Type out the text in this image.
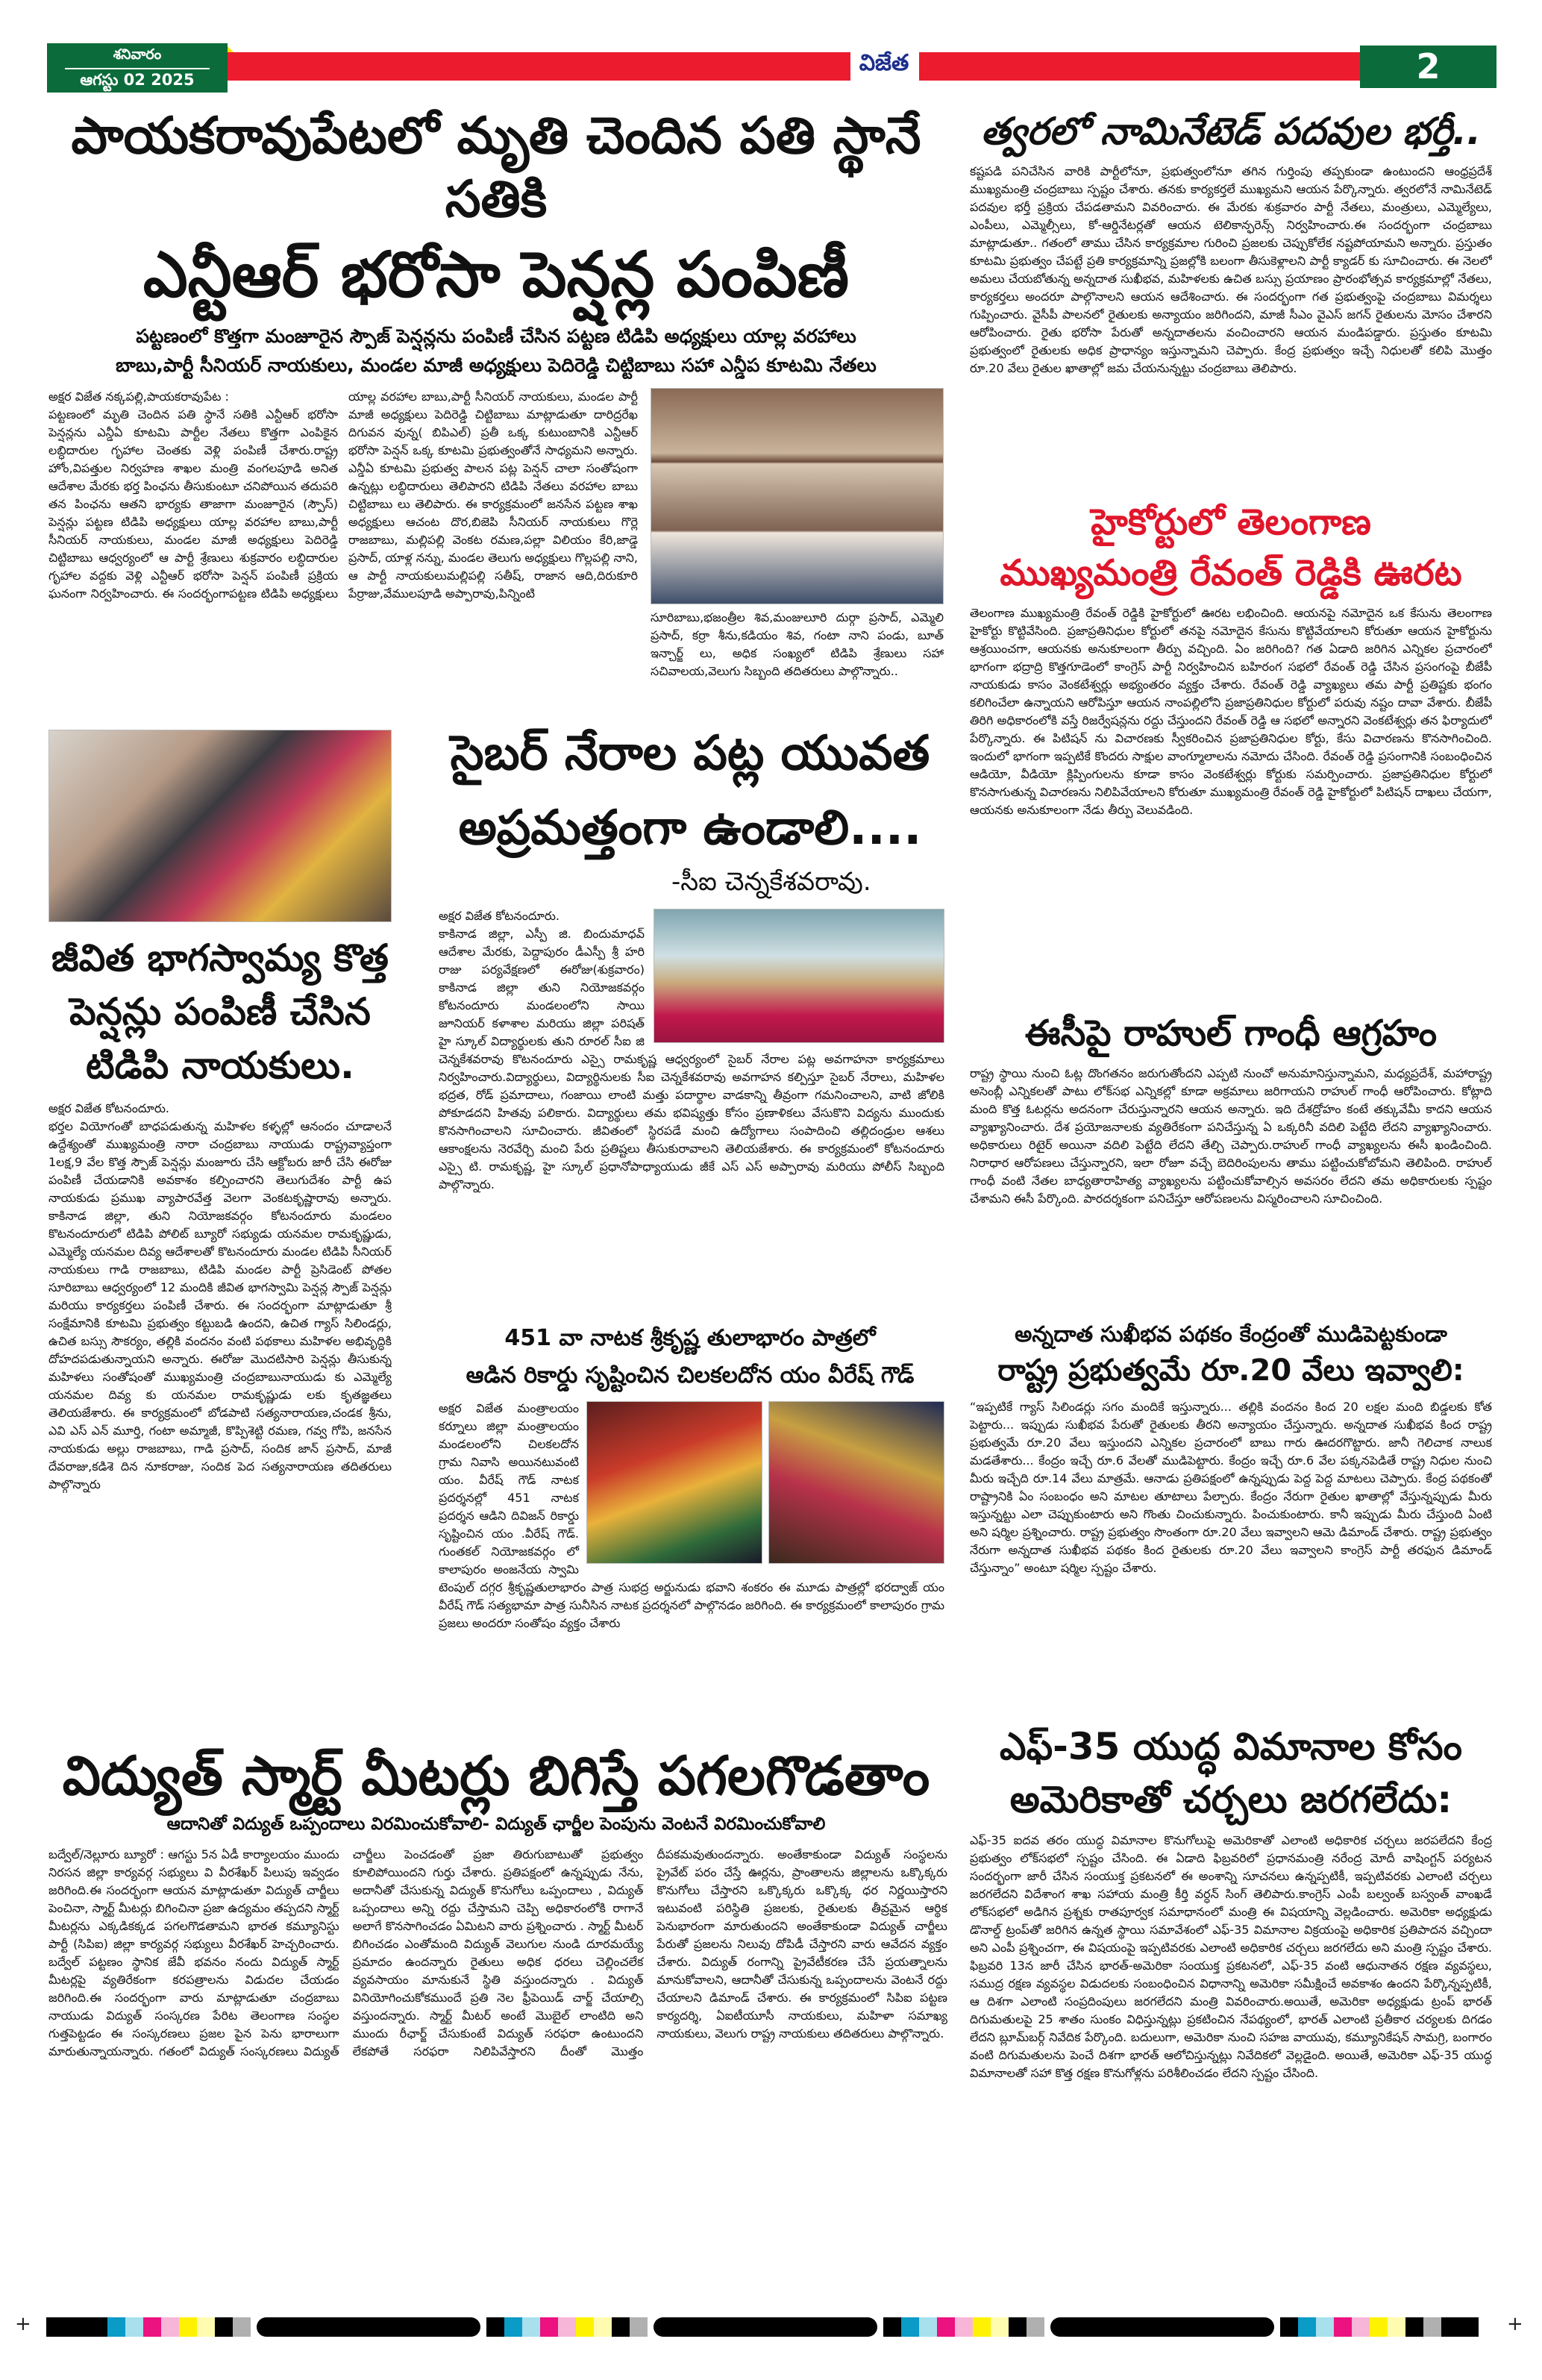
శనివారం
ఆగస్టు 02 2025
విజేత
	2
పాయకరావుపేటలో మృతి చెందిన పతి స్థానే సతికి
ఎన్టీఆర్ భరోసా పెన్షన్ల పంపిణీ
పట్టణంలో కొత్తగా మంజూరైన స్పౌజ్ పెన్షన్లను పంపిణీ చేసిన పట్టణ టిడిపి అధ్యక్షులు యాల్ల వరహాలు
బాబు,పార్టీ సీనియర్ నాయకులు, మండల మాజీ అధ్యక్షులు పెదిరెడ్డి చిట్టిబాబు సహా ఎన్డీప కూటమి నేతలు
అక్షర విజేత నక్కపల్లి,పాయకరావుపేట :
పట్టణంలో మృతి చెందిన పతి స్థానే సతికి ఎన్టీఆర్ భరోసా పెన్షన్లను ఎన్డీఏ కూటమి పార్టీల నేతలు కొత్తగా ఎంపికైన లబ్ధిదారుల గృహాల చెంతకు వెళ్లి పంపిణీ చేశారు.రాష్ట్ర హోం,విపత్తుల నిర్వహణ శాఖల మంత్రి వంగలపూడి అనిత ఆదేశాల మేరకు భర్త పింఛను తీసుకుంటూ చనిపోయిన తదుపరి తన పింఛను ఆతని భార్యకు తాజాగా మంజూరైన (స్పౌస్) పెన్షన్లు పట్టణ టిడిపి అధ్యక్షులు యాల్ల వరహాల బాబు,పార్టీ సీనియర్ నాయకులు, మండల మాజీ అధ్యక్షులు పెదిరెడ్డి చిట్టిబాబు ఆధ్వర్యంలో ఆ పార్టీ శ్రేణులు శుక్రవారం లబ్ధిదారుల గృహాల వద్దకు వెళ్లి ఎన్టీఆర్ భరోసా పెన్షన్ పంపిణీ ప్రక్రియ ఘనంగా నిర్వహించారు. ఈ సందర్భంగాపట్టణ టిడిపి అధ్యక్షులు యాల్ల వరహాల బాబు,పార్టీ సీనియర్ నాయకులు, మండల పార్టీ మాజీ అధ్యక్షులు పెదిరెడ్డి చిట్టిబాబు మాట్లాడుతూ దారిద్రరేఖ దిగువన వున్న( బిపిఎల్) ప్రతీ ఒక్క కుటుంబానికి ఎన్టీఆర్ భరోసా పెన్షన్ ఒక్క కూటమి ప్రభుత్వంతోనే సాధ్యమని అన్నారు. ఎన్డీఏ కూటమి ప్రభుత్వ పాలన పట్ల పెన్షన్ చాలా సంతోషంగా ఉన్నట్లు లబ్ధిదారులు తెలిపారని టిడిపి నేతలు వరహాల బాబు చిట్టిబాబు లు తెలిపారు. ఈ కార్యక్రమంలో జనసేన పట్టణ శాఖ అధ్యక్షులు ఆచంట దొర,బిజెపి సీనియర్ నాయకులు గొర్లె రాజబాబు, మల్లిపల్లి వెంకట రమణ,పల్లా విలియం కేరి,జాడ్డె ప్రసాద్, యాళ్ల నన్ను, మండల తెలుగు అధ్యక్షులు గొల్లపల్లి నాని, ఆ పార్టీ నాయకులుమల్లిపల్లి సతీష్, రాజాన ఆది,దిరుకూరి పేర్రాజు,వేములపూడి అప్పారావు,పిన్నింటి
సూరిబాబు,భజంత్రీల శివ,మంజులూరి దుర్గా ప్రసాద్, ఎమ్మెలి ప్రసాద్, కర్రా శీను,కడియం శివ, గంటా నాని పండు, బూత్ ఇన్చార్జ్ లు, అధిక సంఖ్యలో టిడిపి శ్రేణులు సహా సచివాలయ,వెలుగు సిబ్బంది తదితరులు పాల్గొన్నారు..
జీవిత భాగస్వామ్య కొత్త పెన్షన్లు పంపిణీ చేసిన టిడిపి నాయకులు.
అక్షర విజేత కోటనందూరు.
భర్తల వియోగంతో బాధపడుతున్న మహిళల కళ్ళల్లో ఆనందం చూడాలనే ఉద్దేశ్యంతో ముఖ్యమంత్రి నారా చంద్రబాబు నాయుడు రాష్ట్రవ్యాప్తంగా 1లక్ష,9 వేల కొత్త స్పౌజ్ పెన్షన్లు మంజూరు చేసి ఆక్టోబరు జారీ చేసి ఈరోజు పంపిణీ చేయడానికి అవకాశం కల్పించారని తెలుగుదేశం పార్టీ ఉప నాయకుడు ప్రముఖ వ్యాపారవేత్త వెలగా వెంకటకృష్ణారావు అన్నారు. కాకినాడ జిల్లా, తుని నియోజకవర్గం కోటనందూరు మండలం కొటనందూరులో టిడిపి పోలిట్ బ్యూరో సభ్యుడు యనమల రామకృష్ణుడు, ఎమ్మెల్యే యనమల దివ్య ఆదేశాలతో కొటనందూరు మండల టిడిపి సీనియర్ నాయకులు గాడి రాజబాబు, టిడిపి మండల పార్టీ ప్రెసిడెంట్ పోతల సూరిబాబు ఆధ్వర్యంలో 12 మందికి జీవిత భాగస్వామి పెన్షన్ల స్పౌజ్ పెన్షన్లు మరియు కార్యకర్తలు పంపిణీ చేశారు. ఈ సందర్భంగా మాట్లాడుతూ శ్రీ సంక్షేమానికి కూటమి ప్రభుత్వం కట్టుబడి ఉందని, ఉచిత గ్యాస్ సిలిండర్లు, ఉచిత బస్సు సౌకర్యం, తల్లికి వందనం వంటి పథకాలు మహిళల అభివృద్ధికి దోహదపడుతున్నాయని అన్నారు. ఈరోజు మొదటిసారి పెన్షన్లు తీసుకున్న మహిళలు సంతోషంతో ముఖ్యమంత్రి చంద్రబాబునాయుడు కు ఎమ్మెల్యే యనమల దివ్య కు యనమల రామకృష్ణుడు లకు కృతజ్ఞతలు తెలియజేశారు. ఈ కార్యక్రమంలో బోడపాటి సత్యనారాయణ,చండక శ్రీను, ఎవి ఎస్ ఎన్ మూర్తి, గంటా అమ్మాజీ, కొప్పిశెట్టి రమణ, గవ్వ గోపి, జనసేన నాయకుడు అల్లు రాజబాబు, గాడి ప్రసాద్, సందిక జాన్ ప్రసాద్, మాజీ దేవరాజు,కడిశె దిన నూకరాజు, సందిక పెద సత్యనారాయణ తదితరులు పాల్గొన్నారు
సైబర్ నేరాల పట్ల యువత అప్రమత్తంగా ఉండాలి....
-సీఐ చెన్నకేశవరావు.
అక్షర విజేత కోటనందూరు.
కాకినాడ జిల్లా, ఎస్పీ జి. బిందుమాధవ్ ఆదేశాల మేరకు, పెద్దాపురం డీఎస్పీ శ్రీ హరి రాజు పర్యవేక్షణలో ఈరోజు(శుక్రవారం) కాకినాడ జిల్లా తుని నియోజకవర్గం కోటనందూరు మండలంలోని సాయి జూనియర్ కళాశాల మరియు జిల్లా పరిషత్ హై స్కూల్ విద్యార్థులకు తుని రూరల్ సీఐ జి చెన్నకేశవరావు కొటనందూరు ఎస్సై రామకృష్ణ ఆధ్వర్యంలో సైబర్ నేరాల పట్ల అవగాహనా కార్యక్రమాలు నిర్వహించారు.విద్యార్థులు, విద్యార్థినులకు సీఐ చెన్నకేశవరావు అవగాహన కల్పిస్తూ సైబర్ నేరాలు, మహిళల భద్రత, రోడ్ ప్రమాదాలు, గంజాయి లాంటి మత్తు పదార్థాల వాడకాన్ని తీవ్రంగా గమనించాలని, వాటి జోలికి పోకూడదని హితవు పలికారు. విద్యార్థులు తమ భవిష్యత్తు కోసం ప్రణాళికలు వేసుకొని విద్యను ముందుకు కొనసాగించాలని సూచించారు. జీవితంలో స్థిరపడే మంచి ఉద్యోగాలు సంపాదించి తల్లిదండ్రుల ఆశలు ఆకాంక్షలను నెరవేర్చి మంచి పేరు ప్రతిష్టలు తీసుకురావాలని తెలియజేశారు. ఈ కార్యక్రమంలో కోటనందూరు ఎస్సై టి. రామకృష్ణ, హై స్కూల్ ప్రధానోపాధ్యాయుడు జీకే ఎస్ ఎస్ అప్పారావు మరియు పోలీస్ సిబ్బంది పాల్గొన్నారు.
451 వా నాటక శ్రీకృష్ణ తులాభారం పాత్రలో
ఆడిన రికార్డు సృష్టించిన చిలకలదోన యం వీరేష్ గౌడ్
అక్షర విజేత మంత్రాలయం కర్నూలు జిల్లా మంత్రాలయం మండలంలోని చిలకలదోన గ్రామ నివాసి అయినటువంటి యం. వీరేష్ గౌడ్ నాటక ప్రదర్శనల్లో 451 నాటక ప్రదర్శన ఆడిని దివిజన్ రికార్డు సృష్టించిన యం .వీరేష్ గౌడ్. గుంతకల్ నియోజకవర్గం లో కాలాపురం అంజనేయ స్వామి టెంపుల్ దగ్గర శ్రీకృష్ణతులాభారం పాత్ర సుభద్ర అర్జునుడు భవాని శంకరం ఈ మూడు పాత్రల్లో భరద్వాజ్ యం వీరేష్ గౌడ్ సత్యభామా పాత్ర సునీసిన నాటక ప్రదర్శనలో పాల్గొనడం జరిగింది. ఈ కార్యక్రమంలో కాలాపురం గ్రామ ప్రజలు అందరూ సంతోషం వ్యక్తం చేశారు
విద్యుత్ స్మార్ట్ మీటర్లు బిగిస్తే పగలగొడతాం
ఆదానితో విద్యుత్ ఒప్పందాలు విరమించుకోవాలి- విద్యుత్ ఛార్జీల పెంపును వెంటనే విరమించుకోవాలి
బద్వేల్/నెల్లూరు బ్యూరో : ఆగస్టు 5న ఏడీ కార్యాలయం ముందు నిరసన జిల్లా కార్యవర్గ సభ్యులు వి వీరశేఖర్ పిలుపు ఇవ్వడం జరిగింది.ఈ సందర్భంగా ఆయన మాట్లాడుతూ విద్యుత్ చార్జీలు పెంచినా, స్మార్ట్ మీటర్లు బిగించినా ప్రజా ఉద్యమం తప్పదని స్మార్ట్ మీటర్లను ఎక్కడికక్కడ పగలగొడతామని భారత కమ్యూనిస్టు పార్టీ (సిపిఐ) జిల్లా కార్యవర్గ సభ్యులు వీరశేఖర్ హెచ్చరించారు. బద్వేల్ పట్టణం స్థానిక జేవీ భవనం నందు విద్యుత్ స్మార్ట్ మీటర్లపై వ్యతిరేకంగా కరపత్రాలను విడుదల చేయడం జరిగింది.ఈ సందర్భంగా వారు మాట్లాడుతూ చంద్రబాబు నాయుడు విద్యుత్ సంస్కరణ పేరిట తెలంగాణ సంస్థల గుత్తపెట్టడం ఈ సంస్కరణలు ప్రజల పైన పెను భారాలుగా మారుతున్నాయన్నారు. గతంలో విద్యుత్ సంస్కరణలు విద్యుత్ చార్జీలు పెంచడంతో ప్రజా తిరుగుబాటుతో ప్రభుత్వం కూలిపోయిందని గుర్తు చేశారు. ప్రతిపక్షంలో ఉన్నప్పుడు నేను, అదానీతో చేసుకున్న విద్యుత్ కొనుగోలు ఒప్పందాలు , విద్యుత్ ఒప్పందాలు అన్ని రద్దు చేస్తామని చెప్పి అధికారంలోకి రాగానే అలాగే కొనసాగించడం ఏమిటని వారు ప్రశ్నించారు . స్మార్ట్ మీటర్ బిగించడం ఎంతోమంది విద్యుత్ వెలుగుల నుండి దూరమయ్యే ప్రమాదం ఉందన్నారు రైతులు అధిక ధరలు చెల్లించలేక వ్యవసాయం మానుకునే స్థితి వస్తుందన్నారు . విద్యుత్ వినియోగించుకోకముందే ప్రతి నెల ఫ్రీపెయిడ్ చార్జ్ చేయాల్సి వస్తుందన్నారు. స్మార్ట్ మీటర్ అంటే మొబైల్ లాంటిది అని ముందు రీఛార్జ్ చేసుకుంటే విద్యుత్ సరఫరా ఉంటుందని లేకపోతే సరఫరా నిలిపివేస్తారని దీంతో మొత్తం దీపకమవుతుందన్నారు. అంతేకాకుండా విద్యుత్ సంస్థలను ప్రైవేట్ పరం చేస్తే ఊర్లను, ప్రాంతాలను జిల్లాలను ఒక్కొక్కరు కొనుగోలు చేస్తారని ఒక్కొక్కరు ఒక్కొక్క ధర నిర్ణయిస్తారని ఇటువంటి పరిస్థితి ప్రజలకు, రైతులకు తీవ్రమైన ఆర్థిక పెనుభారంగా మారుతుందని అంతేకాకుండా విద్యుత్ చార్జీలు పేరుతో ప్రజలను నిలువు దోపిడీ చేస్తారని వారు ఆవేదన వ్యక్తం చేశారు. విద్యుత్ రంగాన్ని ప్రైవేటీకరణ చేసే ప్రయత్నాలను మానుకోవాలని, ఆదానీతో చేసుకున్న ఒప్పందాలను వెంటనే రద్దు చేయాలని డిమాండ్ చేశారు. ఈ కార్యక్రమంలో సిపిఐ పట్టణ కార్యదర్శి, ఏఐటీయూసీ నాయకులు, మహిళా సమాఖ్య నాయకులు, వెలుగు రాష్ట్ర నాయకులు తదితరులు పాల్గొన్నారు.
త్వరలో నామినేటెడ్ పదవుల భర్తీ..
కష్టపడి పనిచేసిన వారికి పార్టీలోనూ, ప్రభుత్వంలోనూ తగిన గుర్తింపు తప్పకుండా ఉంటుందని ఆంధ్రప్రదేశ్ ముఖ్యమంత్రి చంద్రబాబు స్పష్టం చేశారు. తనకు కార్యకర్తలే ముఖ్యమని ఆయన పేర్కొన్నారు. త్వరలోనే నామినేటెడ్ పదవుల భర్తీ ప్రక్రియ చేపడతామని వివరించారు. ఈ మేరకు శుక్రవారం పార్టీ నేతలు, మంత్రులు, ఎమ్మెల్యేలు, ఎంపీలు, ఎమ్మెల్సీలు, కో-ఆర్డినేటర్లతో ఆయన టెలికాన్ఫరెన్స్ నిర్వహించారు.ఈ సందర్భంగా చంద్రబాబు మాట్లాడుతూ.. గతంలో తాము చేసిన కార్యక్రమాల గురించి ప్రజలకు చెప్పుకోలేక నష్టపోయామని అన్నారు. ప్రస్తుతం కూటమి ప్రభుత్వం చేపట్టే ప్రతి కార్యక్రమాన్ని ప్రజల్లోకి బలంగా తీసుకెళ్లాలని పార్టీ క్యాడర్ కు సూచించారు. ఈ నెలలో అమలు చేయబోతున్న అన్నదాత సుఖీభవ, మహిళలకు ఉచిత బస్సు ప్రయాణం ప్రారంభోత్సవ కార్యక్రమాల్లో నేతలు, కార్యకర్తలు అందరూ పాల్గొనాలని ఆయన ఆదేశించారు. ఈ సందర్భంగా గత ప్రభుత్వంపై చంద్రబాబు విమర్శలు గుప్పించారు. వైసీపీ పాలనలో రైతులకు అన్యాయం జరిగిందని, మాజీ సీఎం వైఎస్ జగన్ రైతులను మోసం చేశారని ఆరోపించారు. రైతు భరోసా పేరుతో అన్నదాతలను వంచించారని ఆయన మండిపడ్డారు. ప్రస్తుతం కూటమి ప్రభుత్వంలో రైతులకు అధిక ప్రాధాన్యం ఇస్తున్నామని చెప్పారు. కేంద్ర ప్రభుత్వం ఇచ్చే నిధులతో కలిపి మొత్తం రూ.20 వేలు రైతుల ఖాతాల్లో జమ చేయనున్నట్టు చంద్రబాబు తెలిపారు.
హైకోర్టులో తెలంగాణ
ముఖ్యమంత్రి రేవంత్ రెడ్డికి ఊరట
తెలంగాణ ముఖ్యమంత్రి రేవంత్ రెడ్డికి హైకోర్టులో ఊరట లభించింది. ఆయనపై నమోదైన ఒక కేసును తెలంగాణ హైకోర్టు కొట్టివేసింది. ప్రజాప్రతినిధుల కోర్టులో తనపై నమోదైన కేసును కొట్టివేయాలని కోరుతూ ఆయన హైకోర్టును ఆశ్రయించగా, ఆయనకు అనుకూలంగా తీర్పు వచ్చింది. ఏం జరిగింది? గత ఏడాది జరిగిన ఎన్నికల ప్రచారంలో భాగంగా భద్రాద్రి కొత్తగూడెంలో కాంగ్రెస్ పార్టీ నిర్వహించిన బహిరంగ సభలో రేవంత్ రెడ్డి చేసిన ప్రసంగంపై బీజేపీ నాయకుడు కాసం వెంకటేశ్వర్లు అభ్యంతరం వ్యక్తం చేశారు. రేవంత్ రెడ్డి వ్యాఖ్యలు తమ పార్టీ ప్రతిష్టకు భంగం కలిగించేలా ఉన్నాయని ఆరోపిస్తూ ఆయన నాంపల్లిలోని ప్రజాప్రతినిధుల కోర్టులో పరువు నష్టం దావా వేశారు. బీజేపీ తిరిగి అధికారంలోకి వస్తే రిజర్వేషన్లను రద్దు చేస్తుందని రేవంత్ రెడ్డి ఆ సభలో అన్నారని వెంకటేశ్వర్లు తన ఫిర్యాదులో పేర్కొన్నారు. ఈ పిటిషన్ ను విచారణకు స్వీకరించిన ప్రజాప్రతినిధుల కోర్టు, కేసు విచారణను కొనసాగించింది. ఇందులో భాగంగా ఇప్పటికే కొందరు సాక్షుల వాంగ్మూలాలను నమోదు చేసింది. రేవంత్ రెడ్డి ప్రసంగానికి సంబంధించిన ఆడియో, వీడియో క్లిప్పింగులను కూడా కాసం వెంకటేశ్వర్లు కోర్టుకు సమర్పించారు. ప్రజాప్రతినిధుల కోర్టులో కొనసాగుతున్న విచారణను నిలిపివేయాలని కోరుతూ ముఖ్యమంత్రి రేవంత్ రెడ్డి హైకోర్టులో పిటిషన్ దాఖలు చేయగా, ఆయనకు అనుకూలంగా నేడు తీర్పు వెలువడింది.
ఈసీపై రాహుల్ గాంధీ ఆగ్రహం
రాష్ట్ర స్థాయి నుంచి ఓట్ల దొంగతనం జరుగుతోందని ఎప్పటి నుంచో అనుమానిస్తున్నామని, మధ్యప్రదేశ్, మహారాష్ట్ర అసెంబ్లీ ఎన్నికలతో పాటు లోక్‌సభ ఎన్నికల్లో కూడా అక్రమాలు జరిగాయని రాహుల్ గాంధీ ఆరోపించారు. కోట్లాది మంది కొత్త ఓటర్లను అదనంగా చేరుస్తున్నారని ఆయన అన్నారు. ఇది దేశద్రోహం కంటే తక్కువేమీ కాదని ఆయన వ్యాఖ్యానించారు. దేశ ప్రయోజనాలకు వ్యతిరేకంగా పనిచేస్తున్న ఏ ఒక్కరినీ వదిలి పెట్టేది లేదని వ్యాఖ్యానించారు. అధికారులు రిటైర్ అయినా వదిలి పెట్టేది లేదని తేల్చి చెప్పారు.రాహుల్ గాంధీ వ్యాఖ్యలను ఈసీ ఖండించింది. నిరాధార ఆరోపణలు చేస్తున్నారని, ఇలా రోజూ వచ్చే బెదిరింపులను తాము పట్టించుకోబోమని తెలిపింది. రాహుల్ గాంధీ వంటి నేతల బాధ్యతారాహిత్య వ్యాఖ్యలను పట్టించుకోవాల్సిన అవసరం లేదని తమ అధికారులకు స్పష్టం చేశామని ఈసీ పేర్కొంది. పారదర్శకంగా పనిచేస్తూ ఆరోపణలను విస్మరించాలని సూచించింది.
అన్నదాత సుఖీభవ పథకం కేంద్రంతో ముడిపెట్టకుండా
రాష్ట్ర ప్రభుత్వమే రూ.20 వేలు ఇవ్వాలి:
“ఇప్పటికే గ్యాస్ సిలిండర్లు సగం మందికే ఇస్తున్నారు... తల్లికి వందనం కింద 20 లక్షల మంది బిడ్డలకు కోత పెట్టారు... ఇప్పుడు సుఖీభవ పేరుతో రైతులకు తీరని అన్యాయం చేస్తున్నారు. అన్నదాత సుఖీభవ కింద రాష్ట్ర ప్రభుత్వమే రూ.20 వేలు ఇస్తుందని ఎన్నికల ప్రచారంలో బాబు గారు ఊదరగొట్టారు. జానీ గెలిచాక నాలుక మడతేశారు... కేంద్రం ఇచ్చే రూ.6 వేలతో ముడిపెట్టారు. కేంద్రం ఇచ్చే రూ.6 వేల పక్కనపెడితే రాష్ట్ర నిధుల నుంచి మీరు ఇచ్చేది రూ.14 వేలు మాత్రమే. ఆనాడు ప్రతిపక్షంలో ఉన్నప్పుడు పెద్ద పెద్ద మాటలు చెప్పారు. కేంద్ర పథకంతో రాష్ట్రానికి ఏం సంబంధం అని మాటల తూటాలు పేల్చారు. కేంద్రం నేరుగా రైతుల ఖాతాల్లో వేస్తున్నప్పుడు మీరు ఇస్తున్నట్టు ఎలా చెప్పుకుంటారు అని గొంతు చించుకున్నారు. పించుకుంటారు. కానీ ఇప్పుడు మీరు చేస్తుంది ఏంటి అని షర్మిల ప్రశ్నించారు. రాష్ట్ర ప్రభుత్వం సొంతంగా రూ.20 వేలు ఇవ్వాలని ఆమె డిమాండ్ చేశారు. రాష్ట్ర ప్రభుత్వం నేరుగా అన్నదాత సుఖీభవ పథకం కింద రైతులకు రూ.20 వేలు ఇవ్వాలని కాంగ్రెస్ పార్టీ తరఫున డిమాండ్ చేస్తున్నాం” అంటూ షర్మిల స్పష్టం చేశారు.
ఎఫ్-35 యుద్ధ విమానాల కోసం
అమెరికాతో చర్చలు జరగలేదు:
ఎఫ్-35 ఐదవ తరం యుద్ధ విమానాల కొనుగోలుపై అమెరికాతో ఎలాంటి అధికారిక చర్చలు జరపలేదని కేంద్ర ప్రభుత్వం లోక్‌సభలో స్పష్టం చేసింది. ఈ ఏడాది ఫిబ్రవరిలో ప్రధానమంత్రి నరేంద్ర మోదీ వాషింగ్టన్ పర్యటన సందర్భంగా జారీ చేసిన సంయుక్త ప్రకటనలో ఈ అంశాన్ని సూచనలు ఉన్నప్పటికీ, ఇప్పటివరకు ఎలాంటి చర్చలు జరగలేదని విదేశాంగ శాఖ సహాయ మంత్రి కీర్తి వర్ధన్ సింగ్ తెలిపారు.కాంగ్రెస్ ఎంపీ బల్వంత్ బస్వంత్ వాంఖడే లోక్‌సభలో అడిగిన ప్రశ్నకు రాతపూర్వక సమాధానంలో మంత్రి ఈ విషయాన్ని వెల్లడించారు. అమెరికా అధ్యక్షుడు డొనాల్డ్ ట్రంప్‌తో జరిగిన ఉన్నత స్థాయి సమావేశంలో ఎఫ్-35 విమానాల విక్రయంపై అధికారిక ప్రతిపాదన వచ్చిందా అని ఎంపీ ప్రశ్నించగా, ఈ విషయంపై ఇప్పటివరకు ఎలాంటి అధికారిక చర్చలు జరగలేదు అని మంత్రి స్పష్టం చేశారు. ఫిబ్రవరి 13న జారీ చేసిన భారత్-అమెరికా సంయుక్త ప్రకటనలో, ఎఫ్-35 వంటి ఆధునాతన రక్షణ వ్యవస్థలు, సముద్ర రక్షణ వ్యవస్థల విడుదలకు సంబంధించిన విధానాన్ని అమెరికా సమీక్షించే అవకాశం ఉందని పేర్కొన్నప్పటికీ, ఆ దిశగా ఎలాంటి సంప్రదింపులు జరగలేదని మంత్రి వివరించారు.అయితే, అమెరికా అధ్యక్షుడు ట్రంప్ భారత్ దిగుమతులపై 25 శాతం సుంకం విధిస్తున్నట్లు ప్రకటించిన నేపథ్యంలో, భారత్ ఎలాంటి ప్రతీకార చర్యలకు దిగడం లేదని బ్లూమ్‌బర్గ్ నివేదిక పేర్కొంది. బదులుగా, అమెరికా నుంచి సహజ వాయువు, కమ్యూనికేషన్ సామగ్రి, బంగారం వంటి దిగుమతులను పెంచే దిశగా భారత్ ఆలోచిస్తున్నట్లు నివేదికలో వెల్లడైంది. అయితే, అమెరికా ఎఫ్-35 యుద్ధ విమానాలతో సహా కొత్త రక్షణ కొనుగోళ్లను పరిశీలించడం లేదని స్పష్టం చేసింది.
+	+
